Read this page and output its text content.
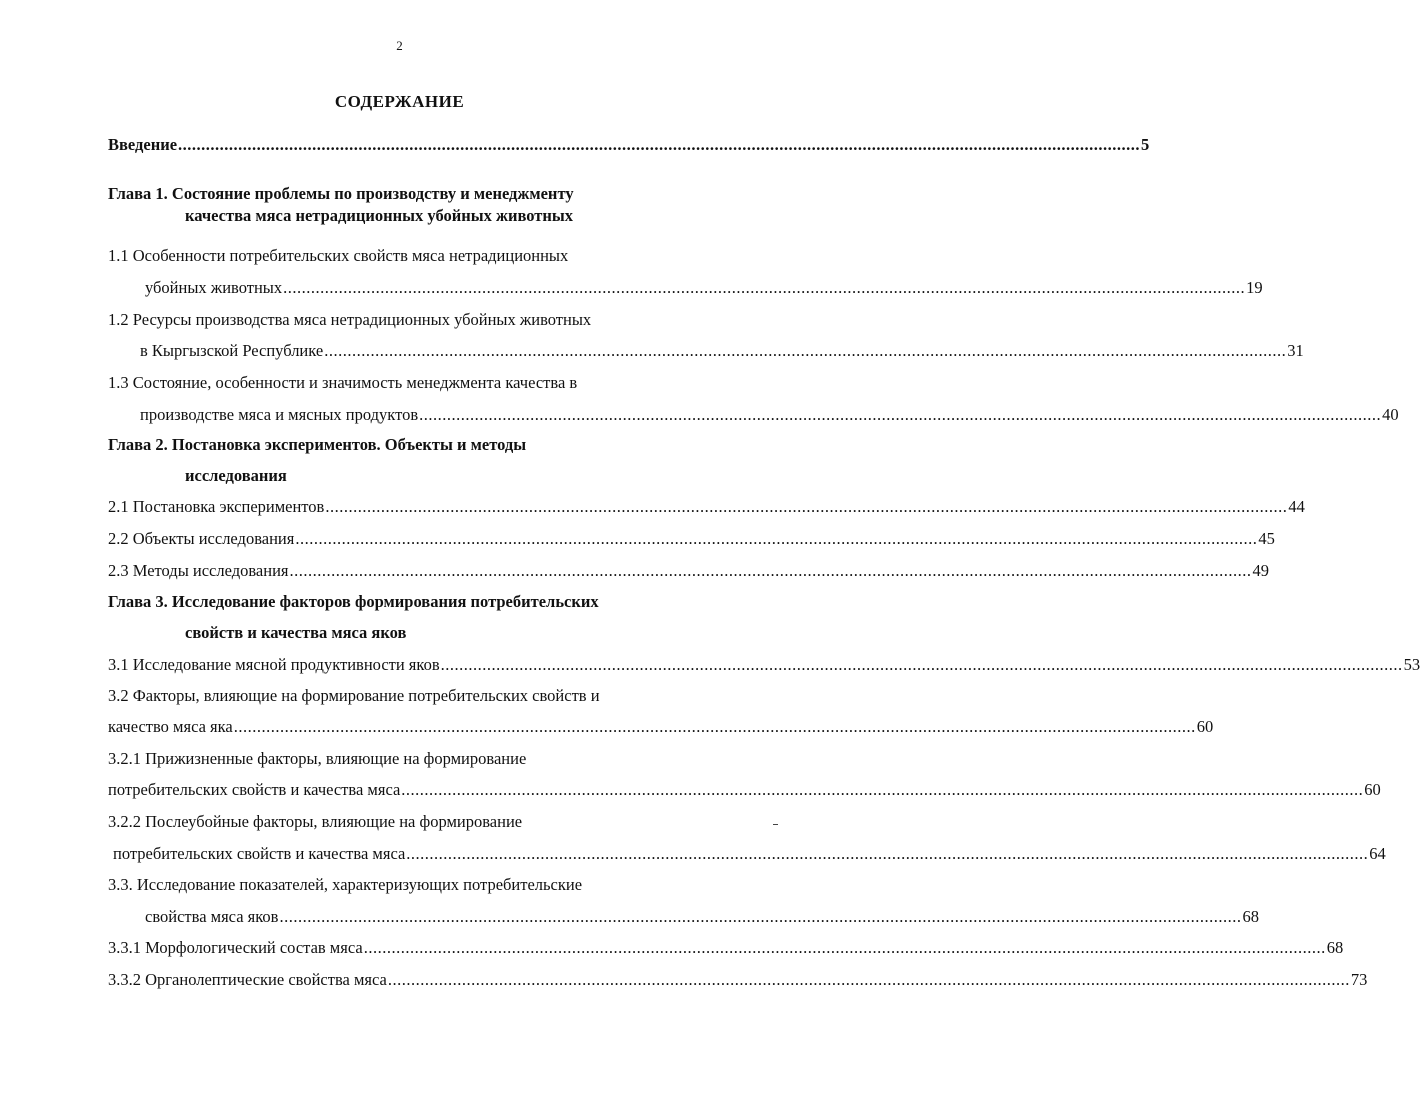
2
СОДЕРЖАНИЕ
Введение ................................................................................................................................................................................................................ 5
Глава 1. Состояние проблемы по производству и менеджменту
качества мяса нетрадиционных убойных животных
1.1 Особенности потребительских свойств мяса нетрадиционных
убойных животных ................................................................................................................................................................................................................ 19
1.2 Ресурсы производства мяса нетрадиционных убойных животных
в Кыргызской Республике ................................................................................................................................................................................................................ 31
1.3 Состояние, особенности и значимость менеджмента качества в
производстве мяса и мясных продуктов ................................................................................................................................................................................................................ 40
Глава 2. Постановка экспериментов. Объекты и методы
исследования
2.1 Постановка экспериментов ................................................................................................................................................................................................................ 44
2.2 Объекты исследования ................................................................................................................................................................................................................ 45
2.3 Методы исследования ................................................................................................................................................................................................................ 49
Глава 3. Исследование факторов формирования потребительских
свойств и качества мяса яков
3.1 Исследование мясной продуктивности яков ................................................................................................................................................................................................................ 53
3.2 Факторы, влияющие на формирование потребительских свойств и
качество мяса яка ................................................................................................................................................................................................................ 60
3.2.1 Прижизненные факторы, влияющие на формирование
потребительских свойств и качества мяса ................................................................................................................................................................................................................ 60
3.2.2 Послеубойные факторы, влияющие на формирование
потребительских свойств и качества мяса ................................................................................................................................................................................................................ 64
3.3. Исследование показателей, характеризующих потребительские
свойства мяса яков ................................................................................................................................................................................................................ 68
3.3.1 Морфологический состав мяса ................................................................................................................................................................................................................ 68
3.3.2 Органолептические свойства мяса ................................................................................................................................................................................................................ 73
